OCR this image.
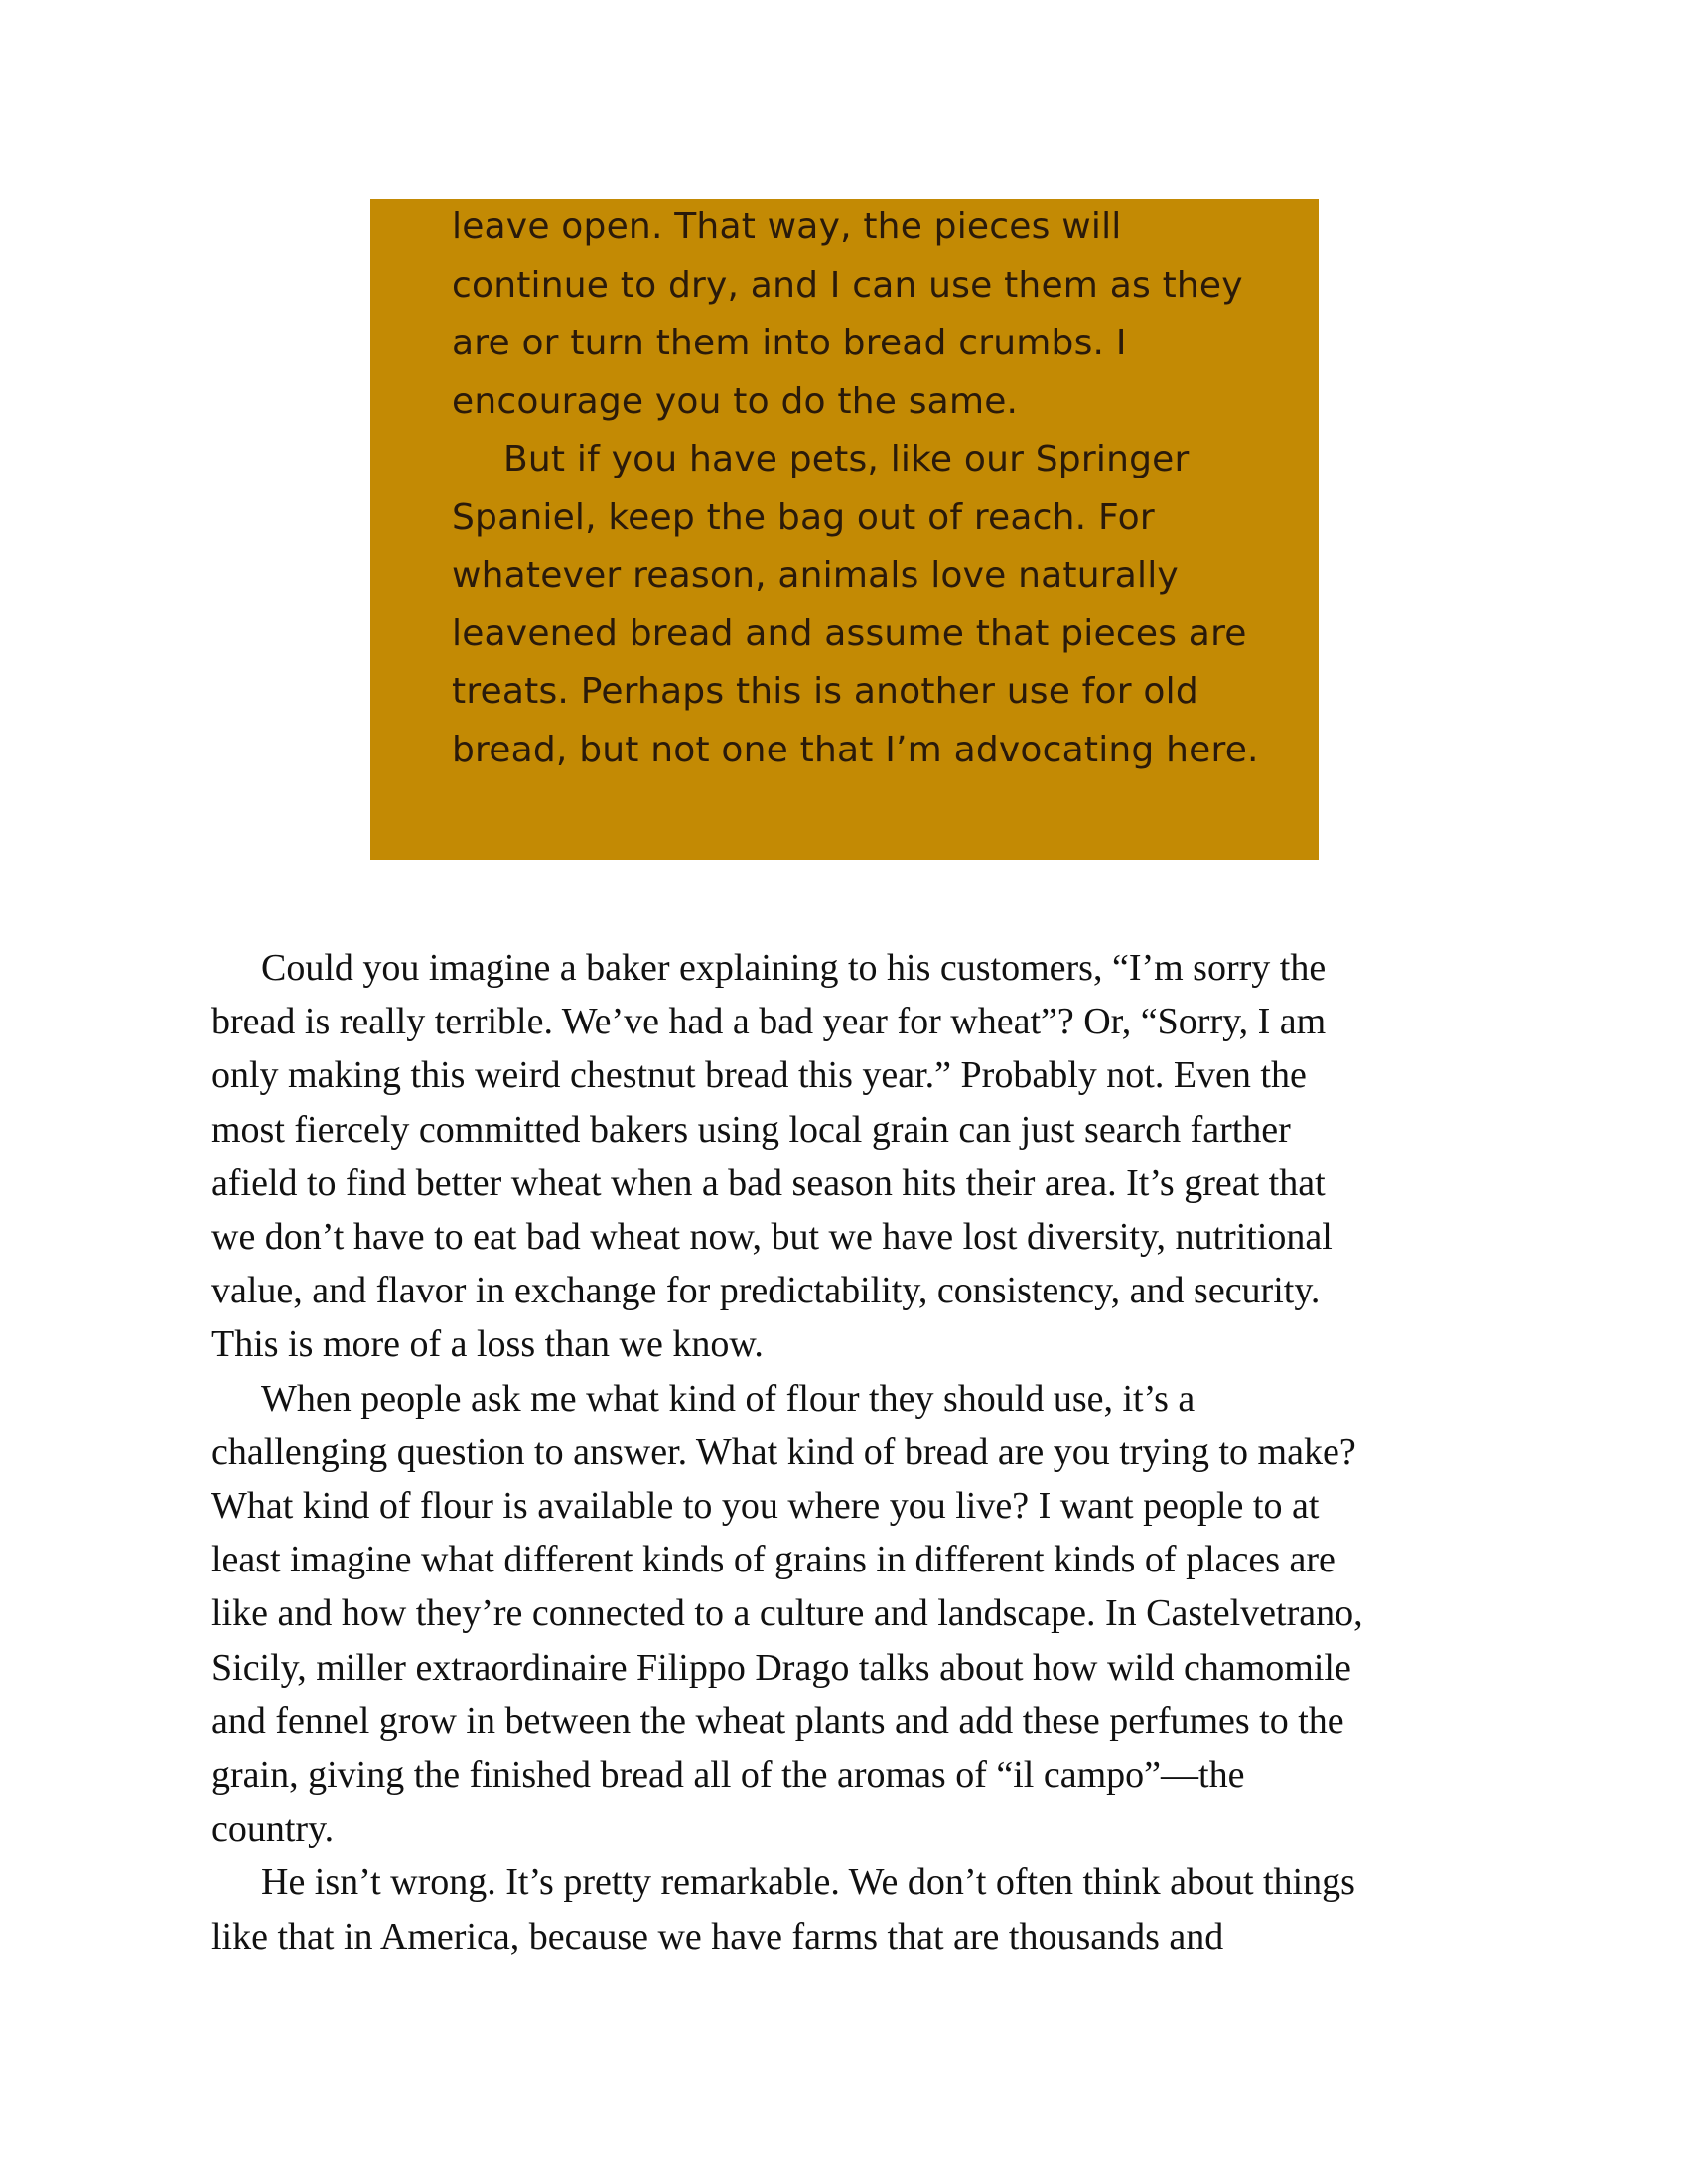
leave open. That way, the pieces will
continue to dry, and I can use them as they
are or turn them into bread crumbs. I
encourage you to do the same.
But if you have pets, like our Springer
Spaniel, keep the bag out of reach. For
whatever reason, animals love naturally
leavened bread and assume that pieces are
treats. Perhaps this is another use for old
bread, but not one that I’m advocating here.
Could you imagine a baker explaining to his customers, “I’m sorry the
bread is really terrible. We’ve had a bad year for wheat”? Or, “Sorry, I am
only making this weird chestnut bread this year.” Probably not. Even the
most fiercely committed bakers using local grain can just search farther
afield to find better wheat when a bad season hits their area. It’s great that
we don’t have to eat bad wheat now, but we have lost diversity, nutritional
value, and flavor in exchange for predictability, consistency, and security.
This is more of a loss than we know.
When people ask me what kind of flour they should use, it’s a
challenging question to answer. What kind of bread are you trying to make?
What kind of flour is available to you where you live? I want people to at
least imagine what different kinds of grains in different kinds of places are
like and how they’re connected to a culture and landscape. In Castelvetrano,
Sicily, miller extraordinaire Filippo Drago talks about how wild chamomile
and fennel grow in between the wheat plants and add these perfumes to the
grain, giving the finished bread all of the aromas of “il campo”—the
country.
He isn’t wrong. It’s pretty remarkable. We don’t often think about things
like that in America, because we have farms that are thousands and
